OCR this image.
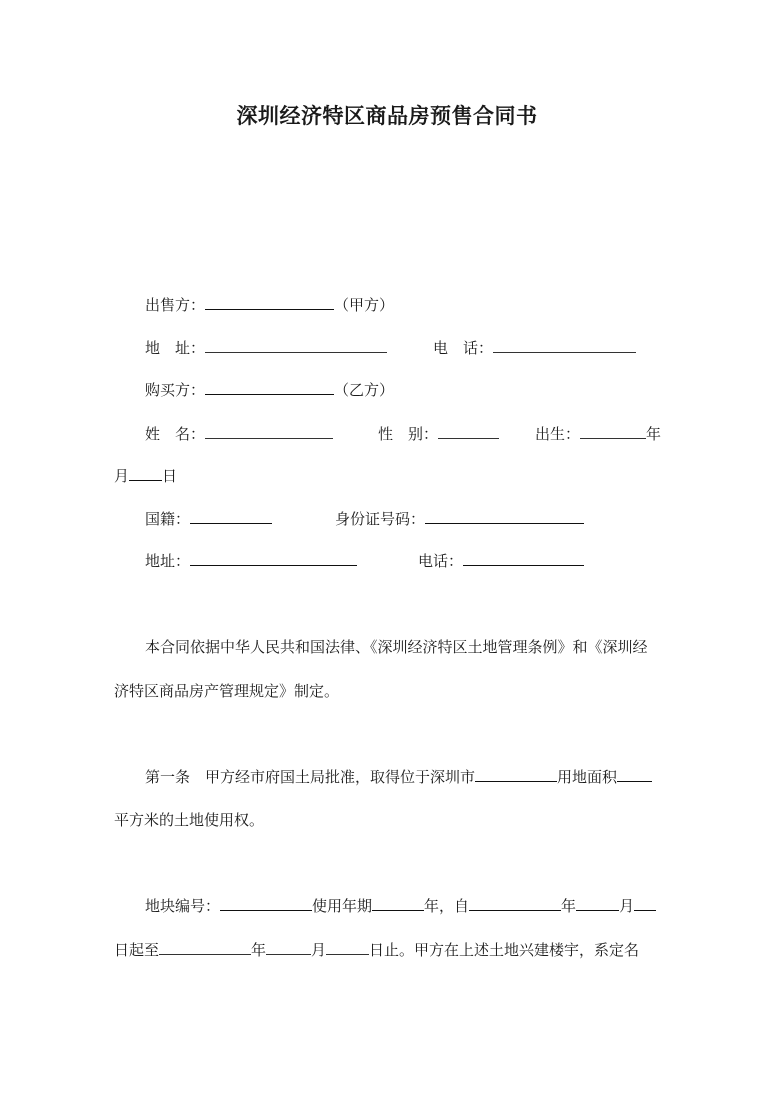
深圳经济特区商品房预售合同书
出售方：	（甲方）
地　址：	电　话：
购买方：	（乙方）
姓　名：	性　别：	出生：	年
月 日
国籍：	身份证号码：
地址：	电话：
本合同依据中华人民共和国法律、《深圳经济特区土地管理条例》和《深圳经
济特区商品房产管理规定》制定。
第一条　甲方经市府国土局批准，取得位于深圳市	用地面积
平方米的土地使用权。
地块编号：	使用年期	年，自	年	月
日起至	年	月	日止。甲方在上述土地兴建楼宇，系定名
